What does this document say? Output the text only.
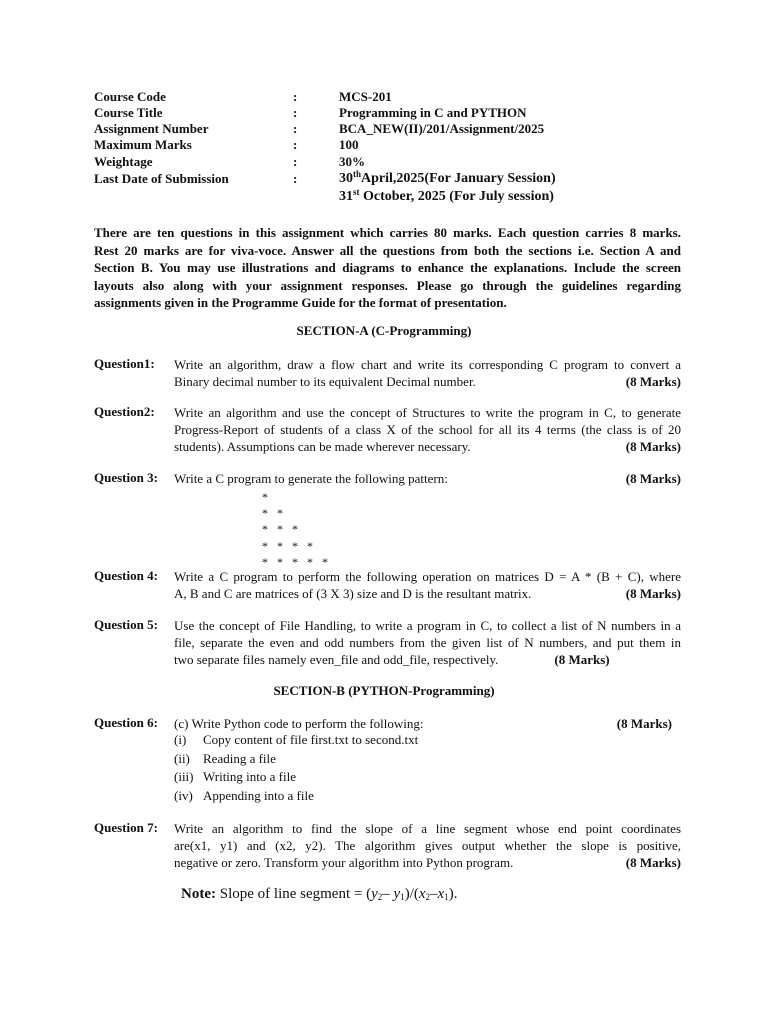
Course Code	:	MCS-201
Course Title	:	Programming in C and PYTHON
Assignment Number	:	BCA_NEW(II)/201/Assignment/2025
Maximum Marks	:	100
Weightage	:	30%
Last Date of Submission	:	30thApril,2025(For January Session)
31st October, 2025 (For July session)
There are ten questions in this assignment which carries 80 marks. Each question carries 8 marks.
Rest 20 marks are for viva-voce. Answer all the questions from both the sections i.e. Section A and
Section B. You may use illustrations and diagrams to enhance the explanations. Include the screen
layouts also along with your assignment responses. Please go through the guidelines regarding
assignments given in the Programme Guide for the format of presentation.
SECTION-A (C-Programming)
Question1: Write an algorithm, draw a flow chart and write its corresponding C program to convert a
Binary decimal number to its equivalent Decimal number.	(8 Marks)
Question2: Write an algorithm and use the concept of Structures to write the program in C, to generate
Progress-Report of students of a class X of the school for all its 4 terms (the class is of 20
students). Assumptions can be made wherever necessary.	(8 Marks)
Question 3: Write a C program to generate the following pattern:	(8 Marks)
*
* *
* * *
* * * *
* * * * *
Question 4: Write a C program to perform the following operation on matrices D = A * (B + C), where
A, B and C are matrices of (3 X 3) size and D is the resultant matrix.	(8 Marks)
Question 5: Use the concept of File Handling, to write a program in C, to collect a list of N numbers in a
file, separate the even and odd numbers from the given list of N numbers, and put them in
two separate files namely even_file and odd_file, respectively.	(8 Marks)
SECTION-B (PYTHON-Programming)
Question 6: (c) Write Python code to perform the following:	(8 Marks)
(i) Copy content of file first.txt to second.txt
(ii) Reading a file
(iii) Writing into a file
(iv) Appending into a file
Question 7: Write an algorithm to find the slope of a line segment whose end point coordinates
are(x1, y1) and (x2, y2). The algorithm gives output whether the slope is positive,
negative or zero. Transform your algorithm into Python program.	(8 Marks)
Note: Slope of line segment = ($y_2-$ $y_1)/(x_2-x_1)$.
